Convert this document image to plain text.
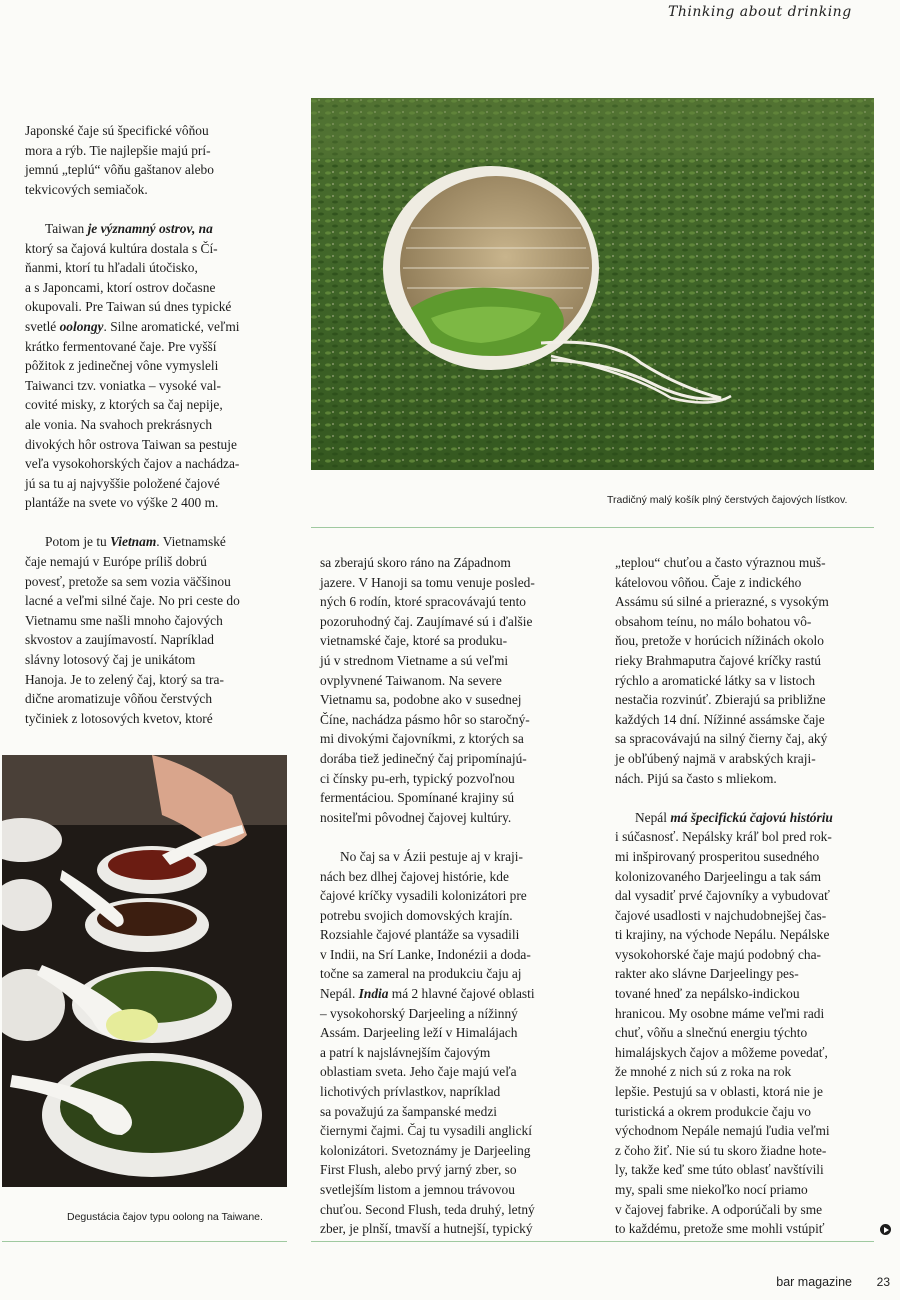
Thinking about drinking
Tradičný malý košík plný čerstvých čajových lístkov.
Degustácia čajov typu oolong na Taiwane.

Japonské čaje sú špecifické vôňou
mora a rýb. Tie najlepšie majú prí-
jemnú „teplú“ vôňu gaštanov alebo
tekvicových semiačok.

Taiwan je významný ostrov, na
ktorý sa čajová kultúra dostala s Čí-
ňanmi, ktorí tu hľadali útočisko,
a s Japoncami, ktorí ostrov dočasne
okupovali. Pre Taiwan sú dnes typické
svetlé oolongy. Silne aromatické, veľmi
krátko fermentované čaje. Pre vyšší
pôžitok z jedinečnej vône vymysleli
Taiwanci tzv. voniatka – vysoké val-
covité misky, z ktorých sa čaj nepije,
ale vonia. Na svahoch prekrásnych
divokých hôr ostrova Taiwan sa pestuje
veľa vysokohorských čajov a nachádza-
jú sa tu aj najvyššie položené čajové
plantáže na svete vo výške 2 400 m.

Potom je tu Vietnam. Vietnamské
čaje nemajú v Európe príliš dobrú
povesť, pretože sa sem vozia väčšinou
lacné a veľmi silné čaje. No pri ceste do
Vietnamu sme našli mnoho čajových
skvostov a zaujímavostí. Napríklad
slávny lotosový čaj je unikátom
Hanoja. Je to zelený čaj, ktorý sa tra-
dične aromatizuje vôňou čerstvých
tyčiniek z lotosových kvetov, ktoré

sa zberajú skoro ráno na Západnom
jazere. V Hanoji sa tomu venuje posled-
ných 6 rodín, ktoré spracovávajú tento
pozoruhodný čaj. Zaujímavé sú i ďalšie
vietnamské čaje, ktoré sa produku-
jú v strednom Vietname a sú veľmi
ovplyvnené Taiwanom. Na severe
Vietnamu sa, podobne ako v susednej
Číne, nachádza pásmo hôr so staročný-
mi divokými čajovníkmi, z ktorých sa
dorába tiež jedinečný čaj pripomínajú-
ci čínsky pu-erh, typický pozvoľnou
fermentáciou. Spomínané krajiny sú
nositeľmi pôvodnej čajovej kultúry.

No čaj sa v Ázii pestuje aj v kraji-
nách bez dlhej čajovej histórie, kde
čajové kríčky vysadili kolonizátori pre
potrebu svojich domovských krajín.
Rozsiahle čajové plantáže sa vysadili
v Indii, na Srí Lanke, Indonézii a doda-
točne sa zameral na produkciu čaju aj
Nepál. India má 2 hlavné čajové oblasti
– vysokohorský Darjeeling a nížinný
Assám. Darjeeling leží v Himalájach
a patrí k najslávnejším čajovým
oblastiam sveta. Jeho čaje majú veľa
lichotivých prívlastkov, napríklad
sa považujú za šampanské medzi
čiernymi čajmi. Čaj tu vysadili anglickí
kolonizátori. Svetoznámy je Darjeeling
First Flush, alebo prvý jarný zber, so
svetlejším listom a jemnou trávovou
chuťou. Second Flush, teda druhý, letný
zber, je plnší, tmavší a hutnejší, typický

„teplou“ chuťou a často výraznou muš-
kátelovou vôňou. Čaje z indického
Assámu sú silné a prierazné, s vysokým
obsahom teínu, no málo bohatou vô-
ňou, pretože v horúcich nížinách okolo
rieky Brahmaputra čajové kríčky rastú
rýchlo a aromatické látky sa v listoch
nestačia rozvinúť. Zbierajú sa približne
každých 14 dní. Nížinné assámske čaje
sa spracovávajú na silný čierny čaj, aký
je obľúbený najmä v arabských kraji-
nách. Pijú sa často s mliekom.

Nepál má špecifickú čajovú históriu
i súčasnosť. Nepálsky kráľ bol pred rok-
mi inšpirovaný prosperitou susedného
kolonizovaného Darjeelingu a tak sám
dal vysadiť prvé čajovníky a vybudovať
čajové usadlosti v najchudobnejšej čas-
ti krajiny, na východe Nepálu. Nepálske
vysokohorské čaje majú podobný cha-
rakter ako slávne Darjeelingy pes-
tované hneď za nepálsko-indickou
hranicou. My osobne máme veľmi radi
chuť, vôňu a slnečnú energiu týchto
himalájskych čajov a môžeme povedať,
že mnohé z nich sú z roka na rok
lepšie. Pestujú sa v oblasti, ktorá nie je
turistická a okrem produkcie čaju vo
východnom Nepále nemajú ľudia veľmi
z čoho žiť. Nie sú tu skoro žiadne hote-
ly, takže keď sme túto oblasť navštívili
my, spali sme niekoľko nocí priamo
v čajovej fabrike. A odporúčali by sme
to každému, pretože sme mohli vstúpiť

bar magazine 23
